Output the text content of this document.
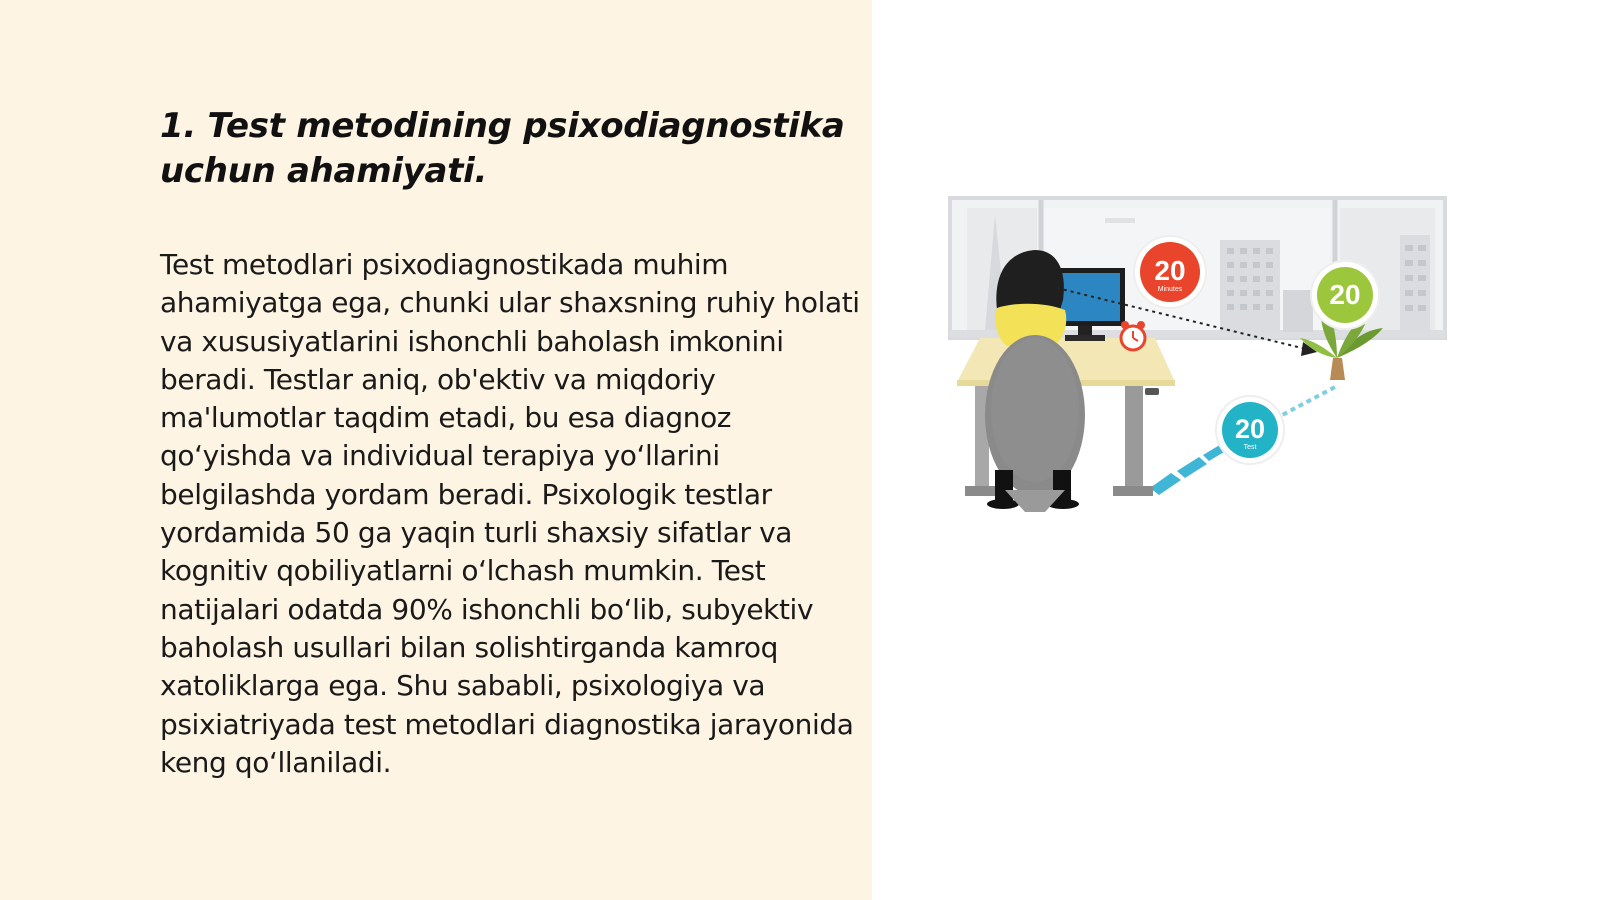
1. Test metodining psixodiagnostika uchun ahamiyati.

Test metodlari psixodiagnostikada muhim ahamiyatga ega, chunki ular shaxsning ruhiy holati va xususiyatlarini ishonchli baholash imkonini beradi. Testlar aniq, ob'ektiv va miqdoriy ma'lumotlar taqdim etadi, bu esa diagnoz qo‘yishda va individual terapiya yo‘llarini belgilashda yordam beradi. Psixologik testlar yordamida 50 ga yaqin turli shaxsiy sifatlar va kognitiv qobiliyatlarni o‘lchash mumkin. Test natijalari odatda 90% ishonchli bo‘lib, subyektiv baholash usullari bilan solishtirganda kamroq xatoliklarga ega. Shu sababli, psixologiya va psixiatriyada test metodlari diagnostika jarayonida keng qo‘llaniladi.

20
Minutes	20
20
Test
